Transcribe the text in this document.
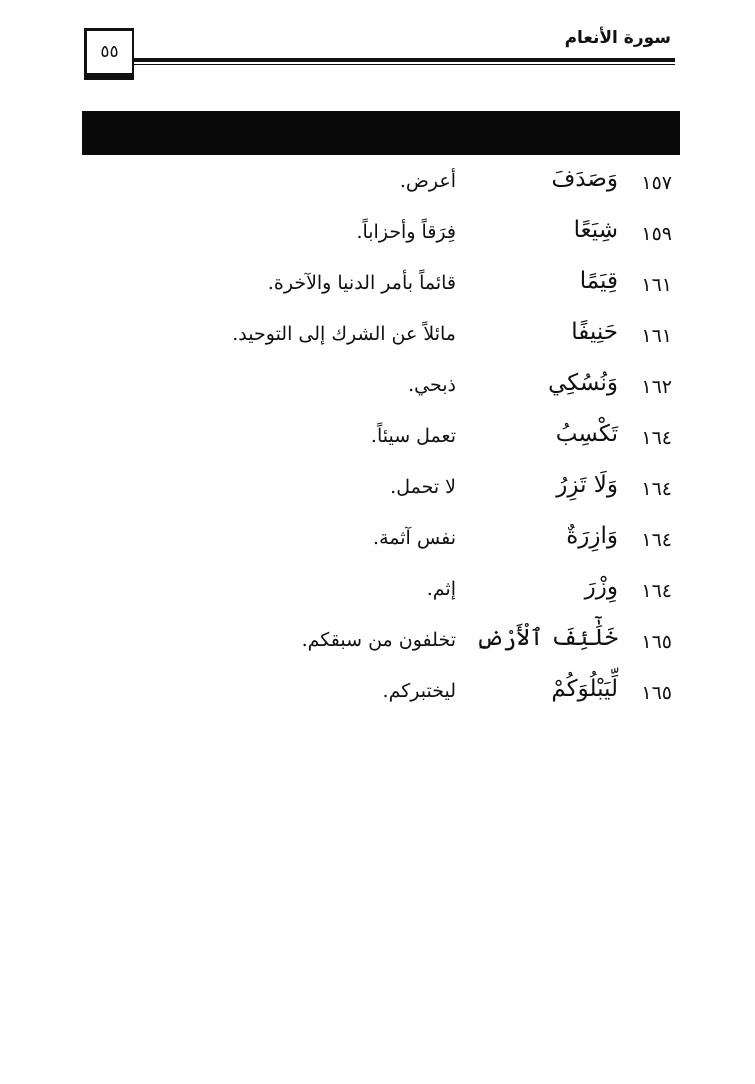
٥٥
سورة الأنعام
١٥٧
وَصَدَفَ
أعرض.
١٥٩
شِيَعًا
فِرَقاً وأحزاباً.
١٦١
قِيَمًا
قائماً بأمر الدنيا والآخرة.
١٦١
حَنِيفًا
مائلاً عن الشرك إلى التوحيد.
١٦٢
وَنُسُكِي
ذبحي.
١٦٤
تَكْسِبُ
تعمل سيئاً.
١٦٤
وَلَا تَزِرُ
لا تحمل.
١٦٤
وَازِرَةٌ
نفس آثمة.
١٦٤
وِزْرَ
إثم.
١٦٥
خَلَٰٓئِفَ ٱلْأَرْضِ
تخلفون من سبقكم.
١٦٥
لِّيَبْلُوَكُمْ
ليختبركم.
